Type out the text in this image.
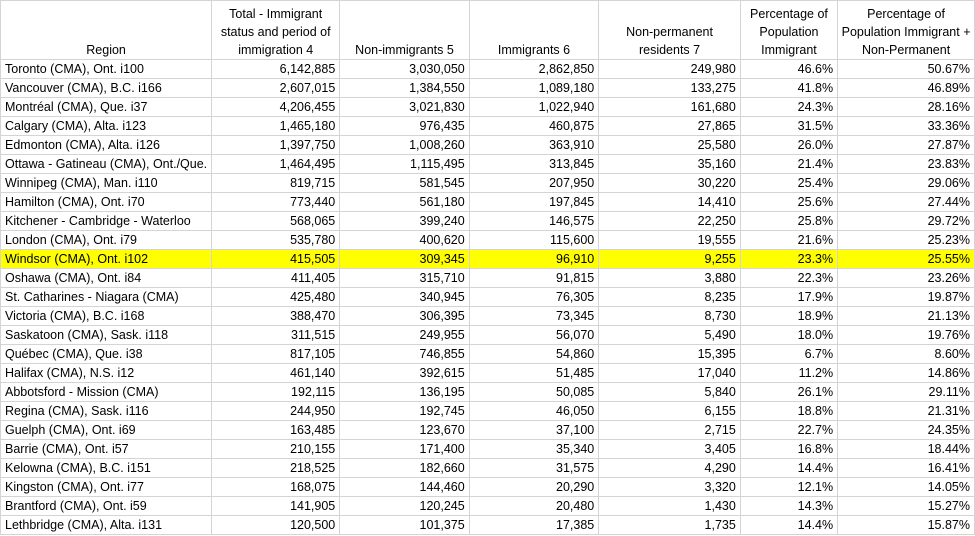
Region	Total - Immigrant status and period of immigration 4	Non-immigrants 5	Immigrants 6	Non-permanent residents 7	Percentage of Population Immigrant	Percentage of Population Immigrant + Non-Permanent
Toronto (CMA), Ont. i100	6,142,885	3,030,050	2,862,850	249,980	46.6%	50.67%
Vancouver (CMA), B.C. i166	2,607,015	1,384,550	1,089,180	133,275	41.8%	46.89%
Montréal (CMA), Que. i37	4,206,455	3,021,830	1,022,940	161,680	24.3%	28.16%
Calgary (CMA), Alta. i123	1,465,180	976,435	460,875	27,865	31.5%	33.36%
Edmonton (CMA), Alta. i126	1,397,750	1,008,260	363,910	25,580	26.0%	27.87%
Ottawa - Gatineau (CMA), Ont./Que.	1,464,495	1,115,495	313,845	35,160	21.4%	23.83%
Winnipeg (CMA), Man. i110	819,715	581,545	207,950	30,220	25.4%	29.06%
Hamilton (CMA), Ont. i70	773,440	561,180	197,845	14,410	25.6%	27.44%
Kitchener - Cambridge - Waterloo	568,065	399,240	146,575	22,250	25.8%	29.72%
London (CMA), Ont. i79	535,780	400,620	115,600	19,555	21.6%	25.23%
Windsor (CMA), Ont. i102	415,505	309,345	96,910	9,255	23.3%	25.55%
Oshawa (CMA), Ont. i84	411,405	315,710	91,815	3,880	22.3%	23.26%
St. Catharines - Niagara (CMA)	425,480	340,945	76,305	8,235	17.9%	19.87%
Victoria (CMA), B.C. i168	388,470	306,395	73,345	8,730	18.9%	21.13%
Saskatoon (CMA), Sask. i118	311,515	249,955	56,070	5,490	18.0%	19.76%
Québec (CMA), Que. i38	817,105	746,855	54,860	15,395	6.7%	8.60%
Halifax (CMA), N.S. i12	461,140	392,615	51,485	17,040	11.2%	14.86%
Abbotsford - Mission (CMA)	192,115	136,195	50,085	5,840	26.1%	29.11%
Regina (CMA), Sask. i116	244,950	192,745	46,050	6,155	18.8%	21.31%
Guelph (CMA), Ont. i69	163,485	123,670	37,100	2,715	22.7%	24.35%
Barrie (CMA), Ont. i57	210,155	171,400	35,340	3,405	16.8%	18.44%
Kelowna (CMA), B.C. i151	218,525	182,660	31,575	4,290	14.4%	16.41%
Kingston (CMA), Ont. i77	168,075	144,460	20,290	3,320	12.1%	14.05%
Brantford (CMA), Ont. i59	141,905	120,245	20,480	1,430	14.3%	15.27%
Lethbridge (CMA), Alta. i131	120,500	101,375	17,385	1,735	14.4%	15.87%
